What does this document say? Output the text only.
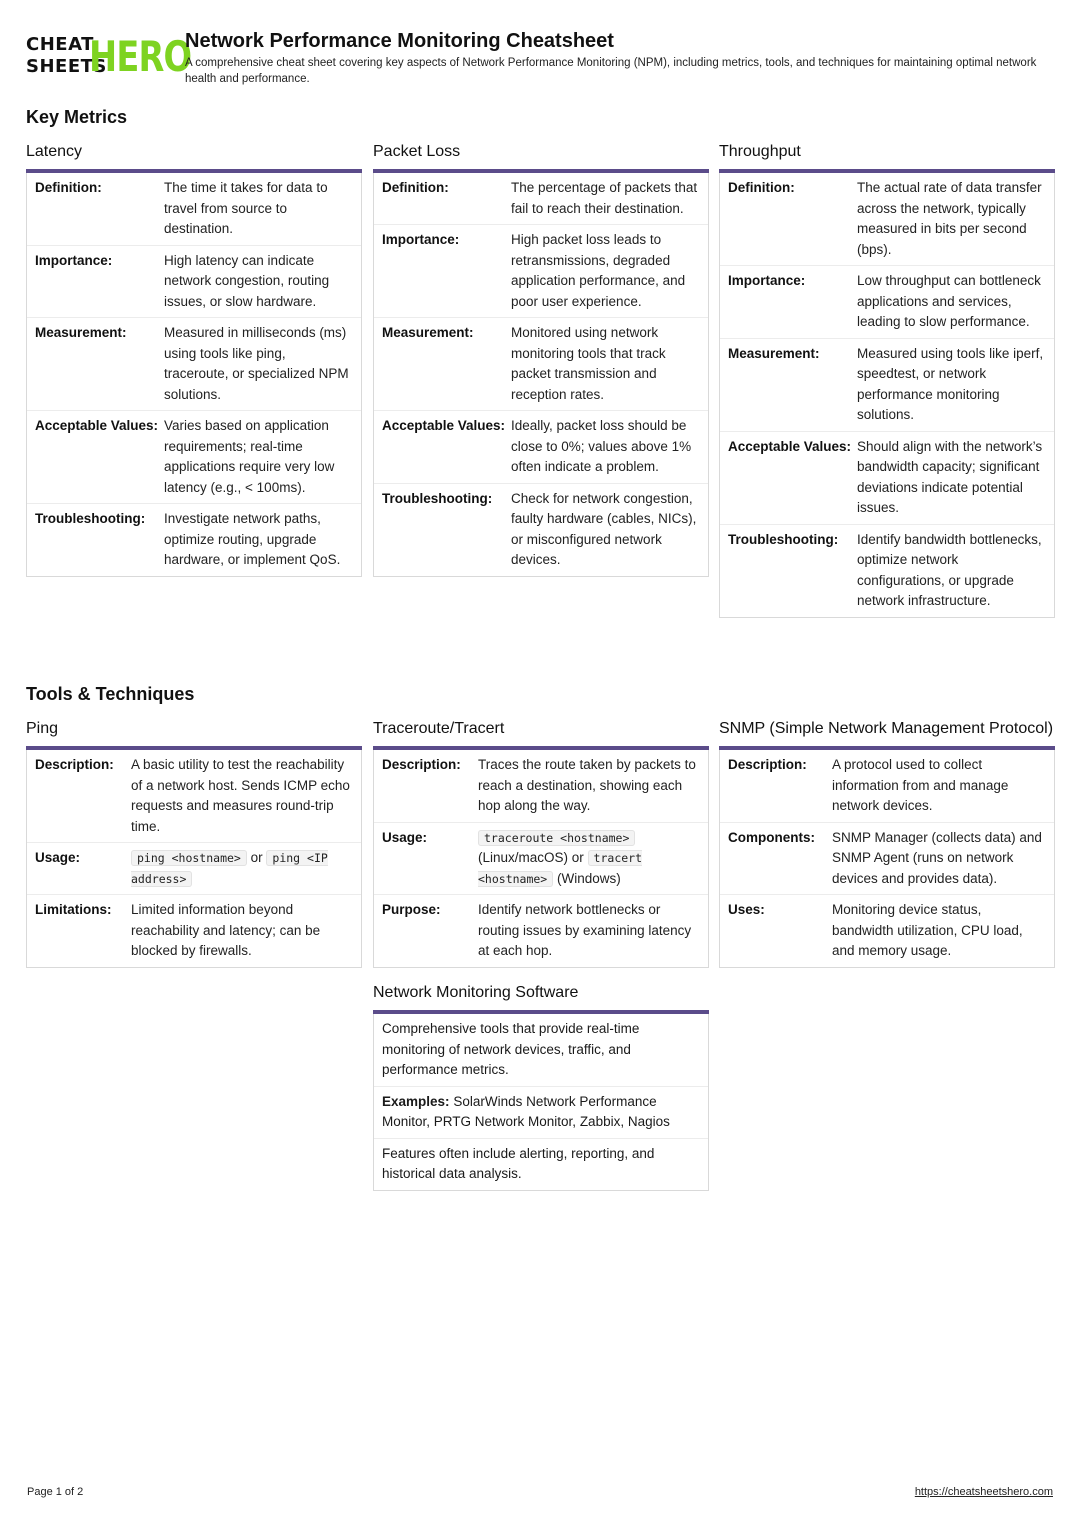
CHEAT
SHEETS
HERO
Network Performance Monitoring Cheatsheet
A comprehensive cheat sheet covering key aspects of Network Performance Monitoring (NPM), including metrics, tools, and techniques for maintaining optimal network health and performance.
Key Metrics
Latency
Definition:	The time it takes for data to travel from source to destination.
Importance:	High latency can indicate network congestion, routing issues, or slow hardware.
Measurement:	Measured in milliseconds (ms) using tools like ping, traceroute, or specialized NPM solutions.
Acceptable Values: Varies based on application requirements; real-time applications require very low latency (e.g., < 100ms).
Troubleshooting:	Investigate network paths, optimize routing, upgrade hardware, or implement QoS.
Packet Loss
Definition:	The percentage of packets that fail to reach their destination.
Importance:	High packet loss leads to retransmissions, degraded application performance, and poor user experience.
Measurement:	Monitored using network monitoring tools that track packet transmission and reception rates.
Acceptable Values: Ideally, packet loss should be close to 0%; values above 1% often indicate a problem.
Troubleshooting:	Check for network congestion, faulty hardware (cables, NICs), or misconfigured network devices.
Throughput
Definition:	The actual rate of data transfer across the network, typically measured in bits per second (bps).
Importance:	Low throughput can bottleneck applications and services, leading to slow performance.
Measurement:	Measured using tools like iperf, speedtest, or network performance monitoring solutions.
Acceptable Values: Should align with the network’s bandwidth capacity; significant deviations indicate potential issues.
Troubleshooting:	Identify bandwidth bottlenecks, optimize network configurations, or upgrade network infrastructure.
Tools & Techniques
Ping
Description:	A basic utility to test the reachability of a network host. Sends ICMP echo requests and measures round-trip time.
Usage:	ping <hostname> or ping <IP address>
Limitations:	Limited information beyond reachability and latency; can be blocked by firewalls.
Traceroute/Tracert
Description:	Traces the route taken by packets to reach a destination, showing each hop along the way.
Usage:	traceroute <hostname> (Linux/macOS) or tracert <hostname> (Windows)
Purpose:	Identify network bottlenecks or routing issues by examining latency at each hop.
Network Monitoring Software
Comprehensive tools that provide real-time monitoring of network devices, traffic, and performance metrics.
Examples: SolarWinds Network Performance Monitor, PRTG Network Monitor, Zabbix, Nagios
Features often include alerting, reporting, and historical data analysis.
SNMP (Simple Network Management Protocol)
Description:	A protocol used to collect information from and manage network devices.
Components:	SNMP Manager (collects data) and SNMP Agent (runs on network devices and provides data).
Uses:	Monitoring device status, bandwidth utilization, CPU load, and memory usage.
Page 1 of 2	https://cheatsheetshero.com
